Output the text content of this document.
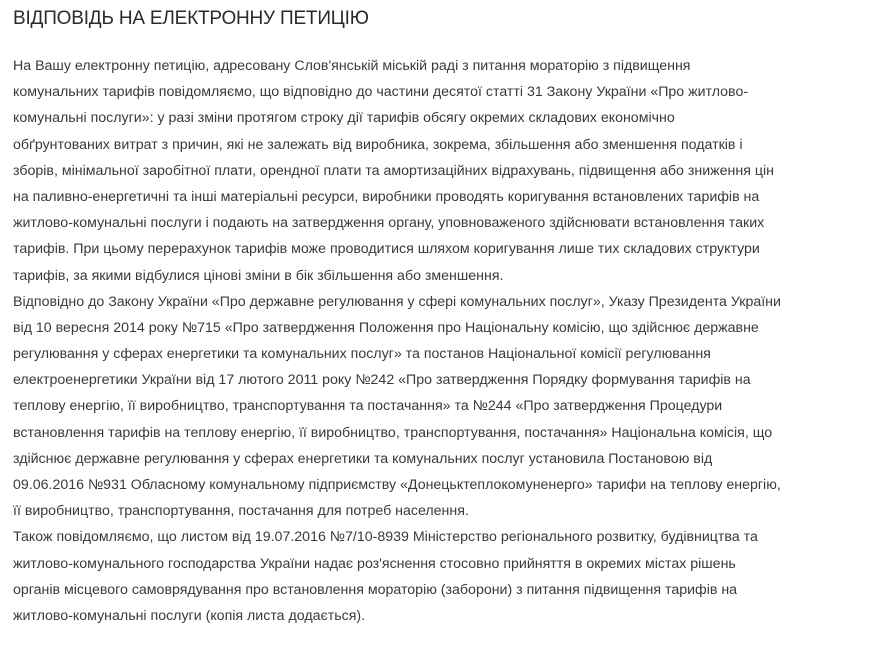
ВІДПОВІДЬ НА ЕЛЕКТРОННУ ПЕТИЦІЮ

На Вашу електронну петицію, адресовану Слов'янській міській раді з питання мораторію з підвищення
комунальних тарифів повідомляємо, що відповідно до частини десятої статті 31 Закону України «Про житлово-
комунальні послуги»: у разі зміни протягом строку дії тарифів обсягу окремих складових економічно
обґрунтованих витрат з причин, які не залежать від виробника, зокрема, збільшення або зменшення податків і
зборів, мінімальної заробітної плати, орендної плати та амортизаційних відрахувань, підвищення або зниження цін
на паливно-енергетичні та інші матеріальні ресурси, виробники проводять коригування встановлених тарифів на
житлово-комунальні послуги і подають на затвердження органу, уповноваженого здійснювати встановлення таких
тарифів. При цьому перерахунок тарифів може проводитися шляхом коригування лише тих складових структури
тарифів, за якими відбулися цінові зміни в бік збільшення або зменшення.

Відповідно до Закону України «Про державне регулювання у сфері комунальних послуг», Указу Президента України
від 10 вересня 2014 року №715 «Про затвердження Положення про Національну комісію, що здійснює державне
регулювання у сферах енергетики та комунальних послуг» та постанов Національної комісії регулювання
електроенергетики України від 17 лютого 2011 року №242 «Про затвердження Порядку формування тарифів на
теплову енергію, її виробництво, транспортування та постачання» та №244 «Про затвердження Процедури
встановлення тарифів на теплову енергію, її виробництво, транспортування, постачання» Національна комісія, що
здійснює державне регулювання у сферах енергетики та комунальних послуг установила Постановою від
09.06.2016 №931 Обласному комунальному підприємству «Донецьктеплокомуненерго» тарифи на теплову енергію,
її виробництво, транспортування, постачання для потреб населення.

Також повідомляємо, що листом від 19.07.2016 №7/10-8939 Міністерство регіонального розвитку, будівництва та
житлово-комунального господарства України надає роз'яснення стосовно прийняття в окремих містах рішень
органів місцевого самоврядування про встановлення мораторію (заборони) з питання підвищення тарифів на
житлово-комунальні послуги (копія листа додається).
